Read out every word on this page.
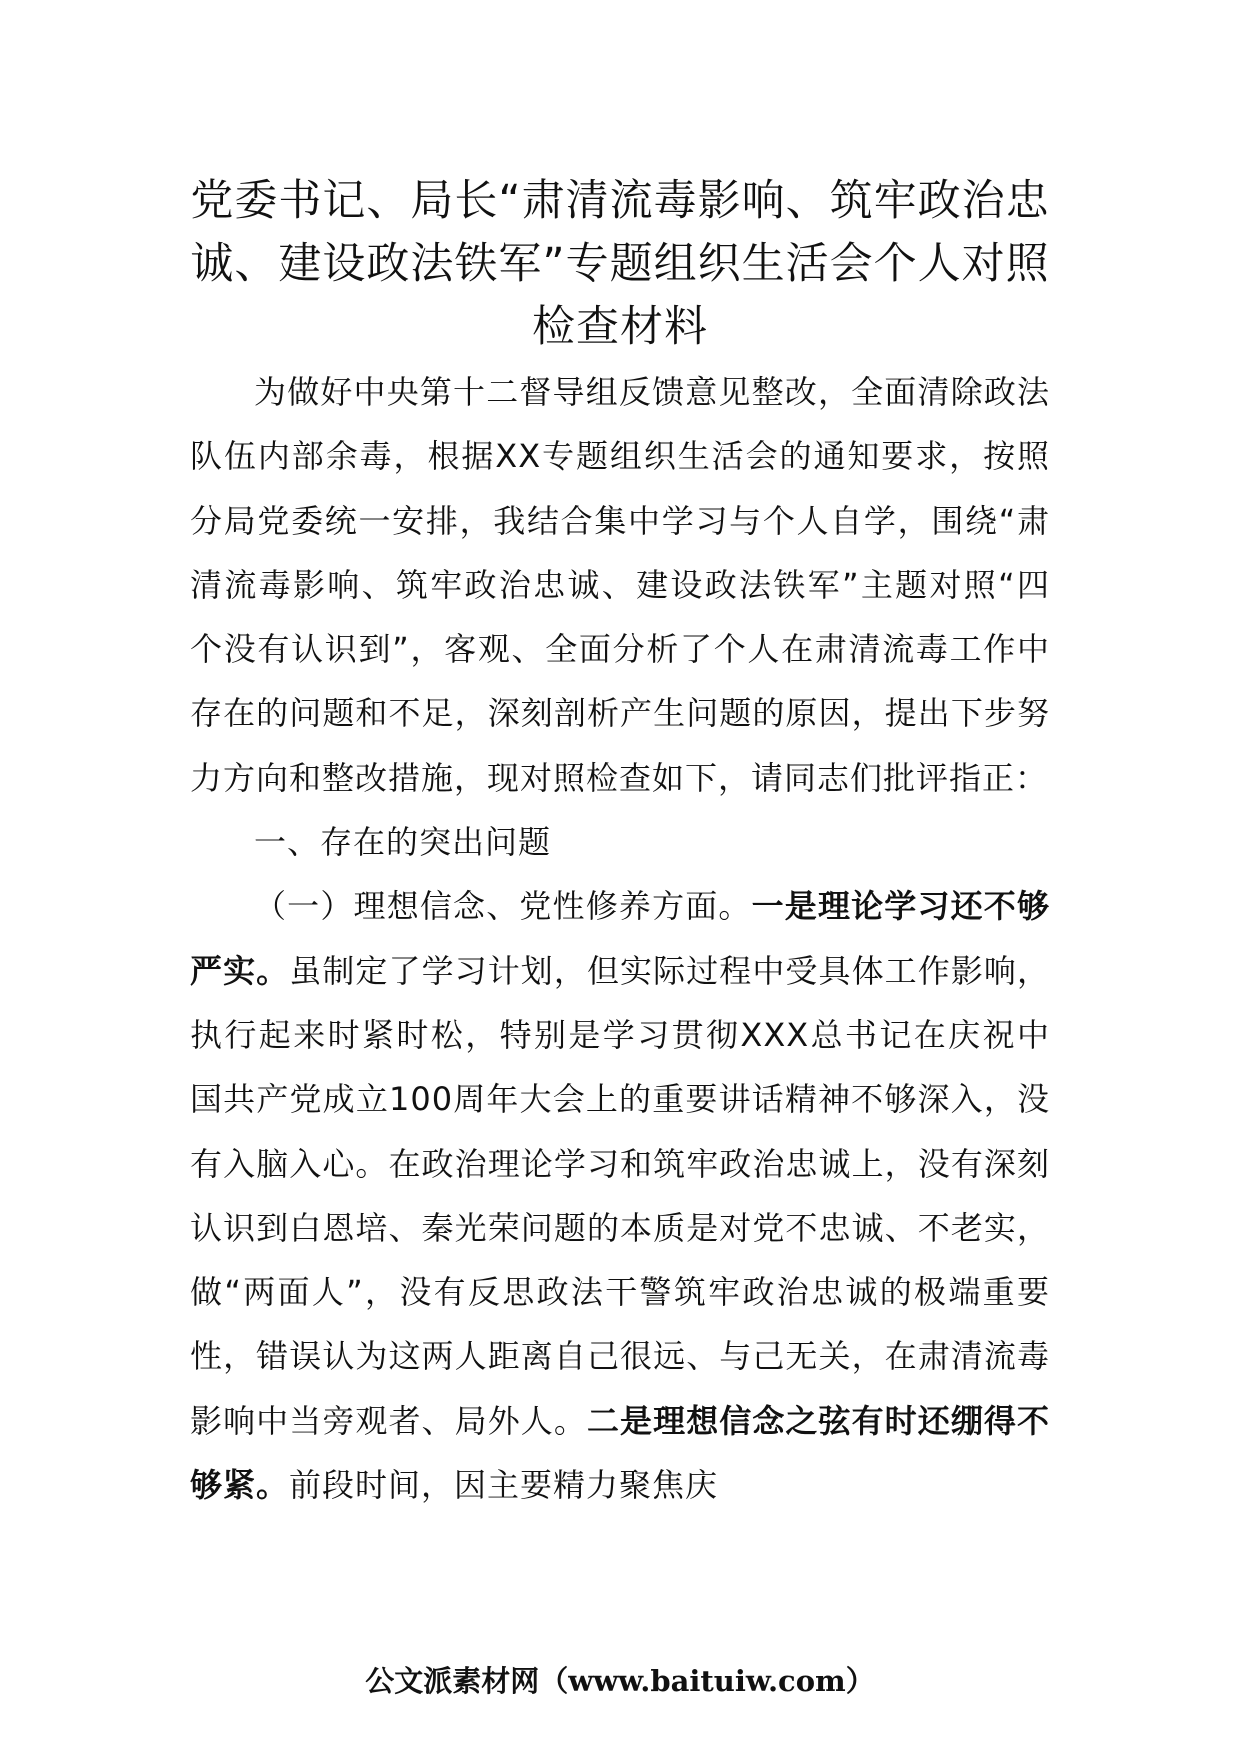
党委书记、局长“肃清流毒影响、筑牢政治忠诚、建设政法铁军”专题组织生活会个人对照检查材料

为做好中央第十二督导组反馈意见整改，全面清除政法队伍内部余毒，根据XX专题组织生活会的通知要求，按照分局党委统一安排，我结合集中学习与个人自学，围绕“肃清流毒影响、筑牢政治忠诚、建设政法铁军”主题对照“四个没有认识到”，客观、全面分析了个人在肃清流毒工作中存在的问题和不足，深刻剖析产生问题的原因，提出下步努力方向和整改措施，现对照检查如下，请同志们批评指正：

一、存在的突出问题

（一）理想信念、党性修养方面。一是理论学习还不够严实。虽制定了学习计划，但实际过程中受具体工作影响，执行起来时紧时松，特别是学习贯彻XXX总书记在庆祝中国共产党成立100周年大会上的重要讲话精神不够深入，没有入脑入心。在政治理论学习和筑牢政治忠诚上，没有深刻认识到白恩培、秦光荣问题的本质是对党不忠诚、不老实，做“两面人”，没有反思政法干警筑牢政治忠诚的极端重要性，错误认为这两人距离自己很远、与己无关，在肃清流毒影响中当旁观者、局外人。二是理想信念之弦有时还绷得不够紧。前段时间，因主要精力聚焦庆

公文派素材网（www.baituiw.com）
